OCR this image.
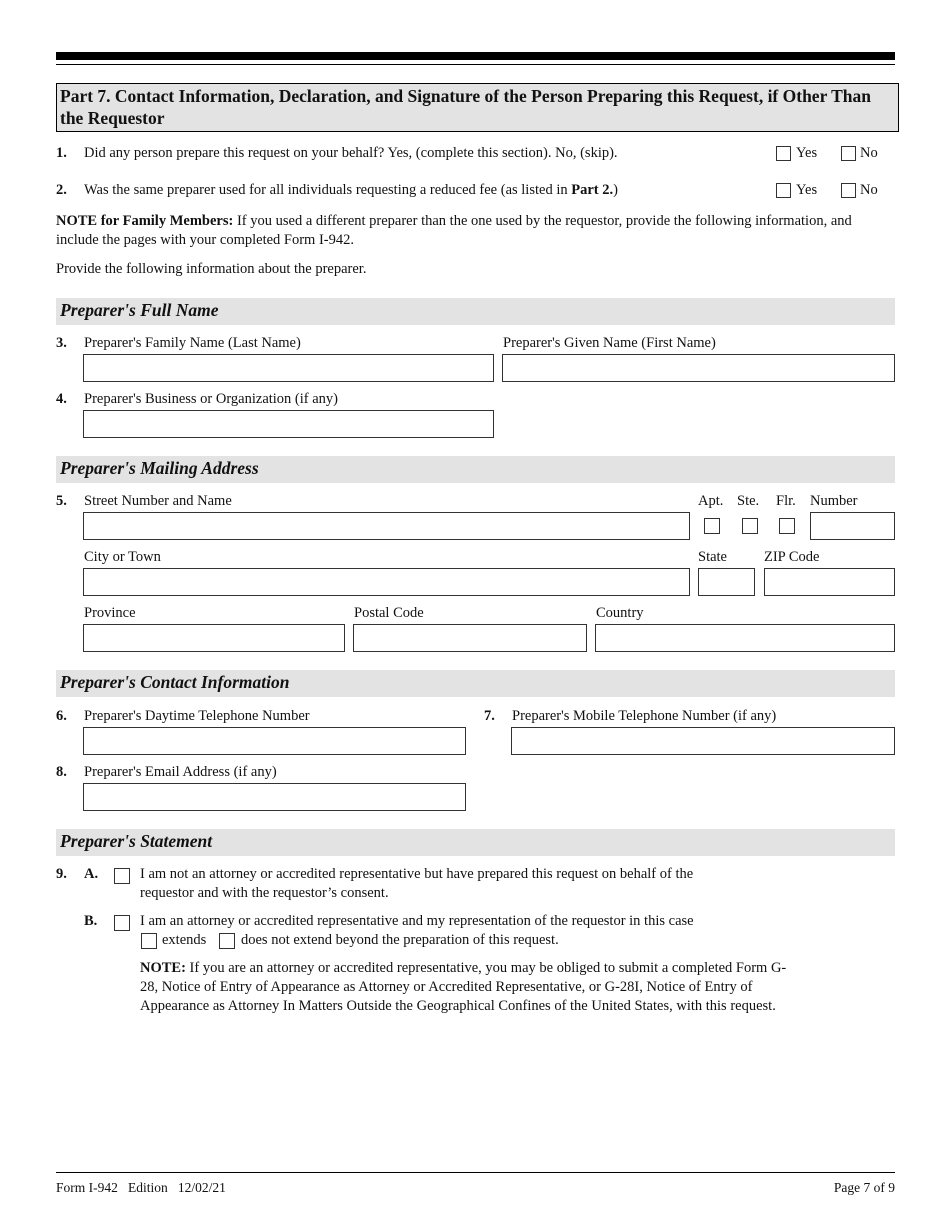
Part 7. Contact Information, Declaration, and Signature of the Person Preparing this Request, if Other Than the Requestor
1. Did any person prepare this request on your behalf? Yes, (complete this section). No, (skip).	Yes	No
2. Was the same preparer used for all individuals requesting a reduced fee (as listed in Part 2.)	Yes	No
NOTE for Family Members: If you used a different preparer than the one used by the requestor, provide the following information, and include the pages with your completed Form I-942.
Provide the following information about the preparer.
Preparer's Full Name
3. Preparer's Family Name (Last Name)	Preparer's Given Name (First Name)
4. Preparer's Business or Organization (if any)
Preparer's Mailing Address
5. Street Number and Name	Apt. Ste. Flr. Number
City or Town	State	ZIP Code
Province	Postal Code	Country
Preparer's Contact Information
6. Preparer's Daytime Telephone Number	7. Preparer's Mobile Telephone Number (if any)
8. Preparer's Email Address (if any)
Preparer's Statement
9. A.	I am not an attorney or accredited representative but have prepared this request on behalf of the requestor and with the requestor’s consent.
B.	I am an attorney or accredited representative and my representation of the requestor in this case
extends does not extend beyond the preparation of this request.
NOTE: If you are an attorney or accredited representative, you may be obliged to submit a completed Form G-28, Notice of Entry of Appearance as Attorney or Accredited Representative, or G-28I, Notice of Entry of Appearance as Attorney In Matters Outside the Geographical Confines of the United States, with this request.
Form I-942   Edition   12/02/21	Page 7 of 9
